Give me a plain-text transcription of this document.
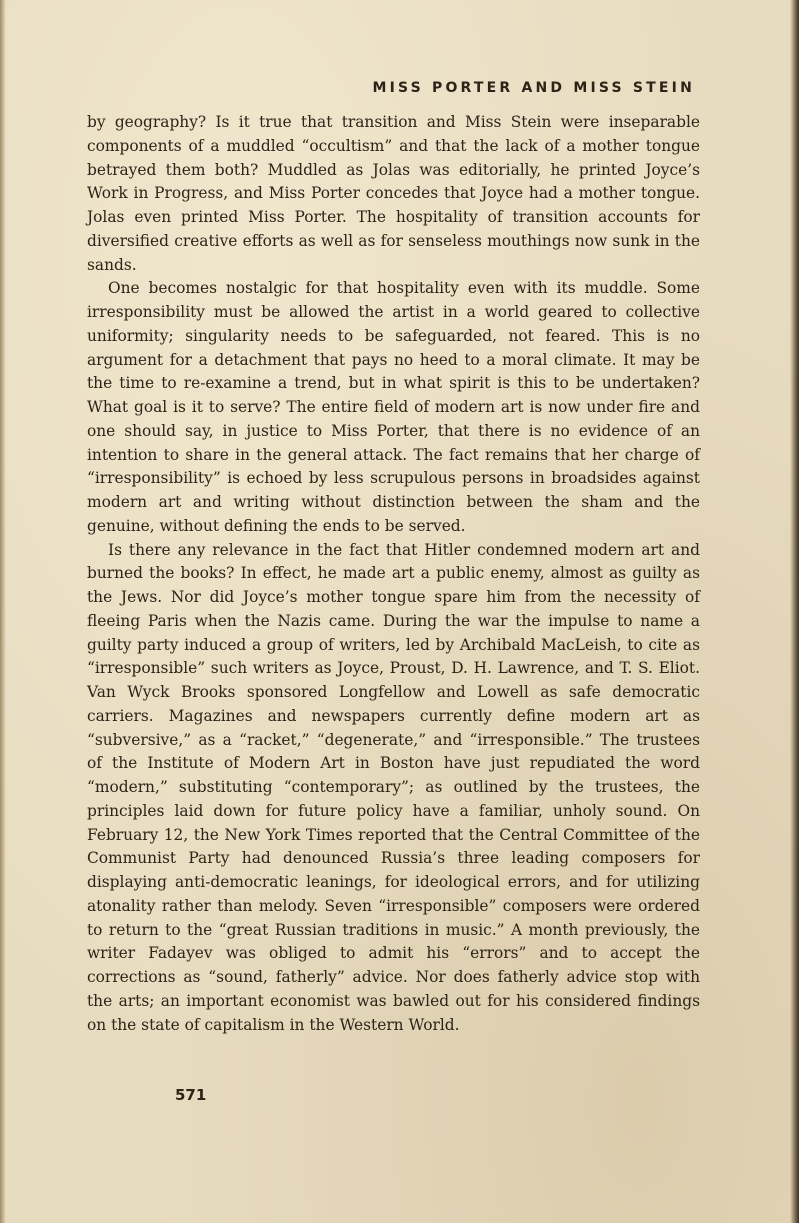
MISS PORTER AND MISS STEIN

by geography? Is it true that transition and Miss Stein were inseparable components of a muddled “occultism” and that the lack of a mother tongue betrayed them both? Muddled as Jolas was editorially, he printed Joyce’s Work in Progress, and Miss Porter concedes that Joyce had a mother tongue. Jolas even printed Miss Porter. The hospitality of transition accounts for diversified creative efforts as well as for senseless mouthings now sunk in the sands.

One becomes nostalgic for that hospitality even with its muddle. Some irresponsibility must be allowed the artist in a world geared to collective uniformity; singularity needs to be safeguarded, not feared. This is no argument for a detachment that pays no heed to a moral climate. It may be the time to re-examine a trend, but in what spirit is this to be undertaken? What goal is it to serve? The entire field of modern art is now under fire and one should say, in justice to Miss Porter, that there is no evidence of an intention to share in the general attack. The fact remains that her charge of “irresponsibility” is echoed by less scrupulous persons in broadsides against modern art and writing without distinction between the sham and the genuine, without defining the ends to be served.

Is there any relevance in the fact that Hitler condemned modern art and burned the books? In effect, he made art a public enemy, almost as guilty as the Jews. Nor did Joyce’s mother tongue spare him from the necessity of fleeing Paris when the Nazis came. During the war the impulse to name a guilty party induced a group of writers, led by Archibald MacLeish, to cite as “irresponsible” such writers as Joyce, Proust, D. H. Lawrence, and T. S. Eliot. Van Wyck Brooks sponsored Longfellow and Lowell as safe democratic carriers. Magazines and newspapers currently define modern art as “subversive,” as a “racket,” “degenerate,” and “irresponsible.” The trustees of the Institute of Modern Art in Boston have just repudiated the word “modern,” substituting “contemporary”; as outlined by the trustees, the principles laid down for future policy have a familiar, unholy sound. On February 12, the New York Times reported that the Central Committee of the Communist Party had denounced Russia’s three leading composers for displaying anti-democratic leanings, for ideological errors, and for utilizing atonality rather than melody. Seven “irresponsible” composers were ordered to return to the “great Russian traditions in music.” A month previously, the writer Fadayev was obliged to admit his “errors” and to accept the corrections as “sound, fatherly” advice. Nor does fatherly advice stop with the arts; an important economist was bawled out for his considered findings on the state of capitalism in the Western World.

571
